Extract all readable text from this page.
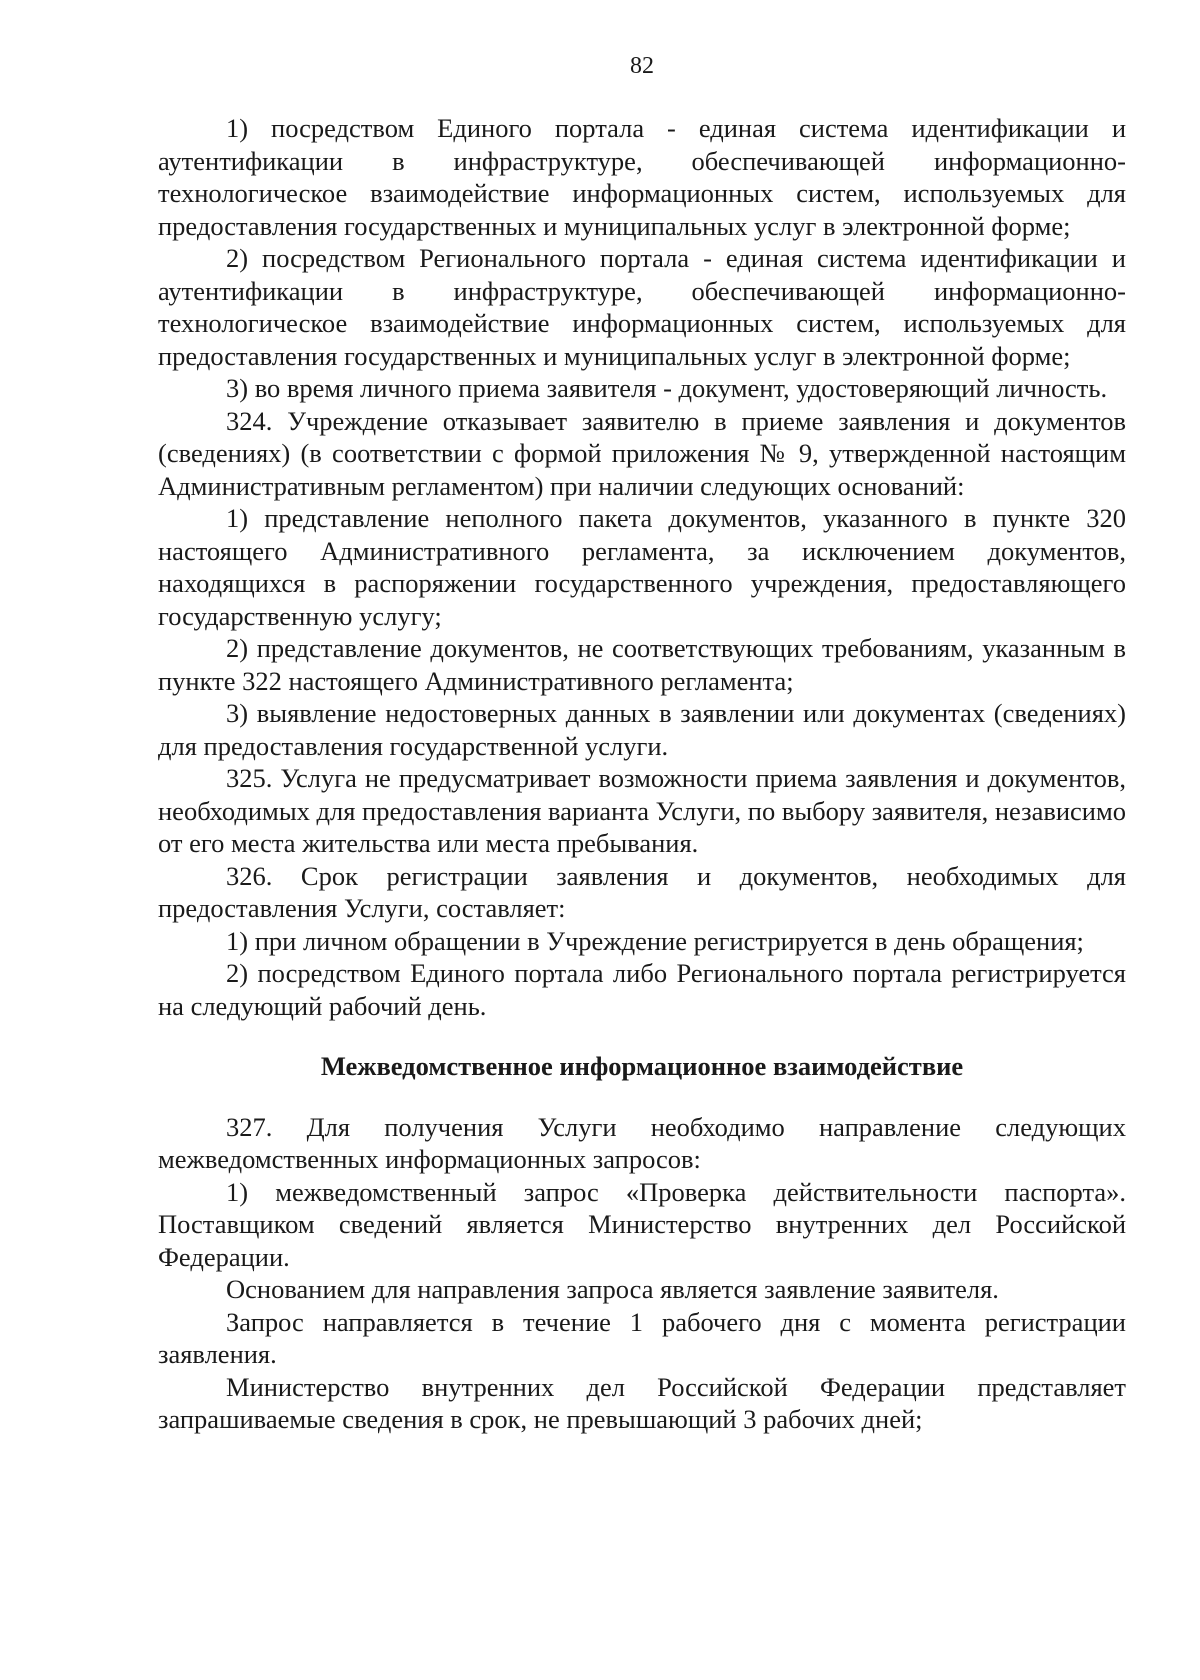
82

1) посредством Единого портала - единая система идентификации и аутентификации в инфраструктуре, обеспечивающей информационно-технологическое взаимодействие информационных систем, используемых для предоставления государственных и муниципальных услуг в электронной форме;

2) посредством Регионального портала - единая система идентификации и аутентификации в инфраструктуре, обеспечивающей информационно-технологическое взаимодействие информационных систем, используемых для предоставления государственных и муниципальных услуг в электронной форме;

3) во время личного приема заявителя - документ, удостоверяющий личность.

324. Учреждение отказывает заявителю в приеме заявления и документов (сведениях) (в соответствии с формой приложения № 9, утвержденной настоящим Административным регламентом) при наличии следующих оснований:

1) представление неполного пакета документов, указанного в пункте 320 настоящего Административного регламента, за исключением документов, находящихся в распоряжении государственного учреждения, предоставляющего государственную услугу;

2) представление документов, не соответствующих требованиям, указанным в пункте 322 настоящего Административного регламента;

3) выявление недостоверных данных в заявлении или документах (сведениях) для предоставления государственной услуги.

325. Услуга не предусматривает возможности приема заявления и документов, необходимых для предоставления варианта Услуги, по выбору заявителя, независимо от его места жительства или места пребывания.

326. Срок регистрации заявления и документов, необходимых для предоставления Услуги, составляет:

1) при личном обращении в Учреждение регистрируется в день обращения;

2) посредством Единого портала либо Регионального портала регистрируется на следующий рабочий день.

Межведомственное информационное взаимодействие

327. Для получения Услуги необходимо направление следующих межведомственных информационных запросов:

1) межведомственный запрос «Проверка действительности паспорта». Поставщиком сведений является Министерство внутренних дел Российской Федерации.

Основанием для направления запроса является заявление заявителя.

Запрос направляется в течение 1 рабочего дня с момента регистрации заявления.

Министерство внутренних дел Российской Федерации представляет запрашиваемые сведения в срок, не превышающий 3 рабочих дней;
